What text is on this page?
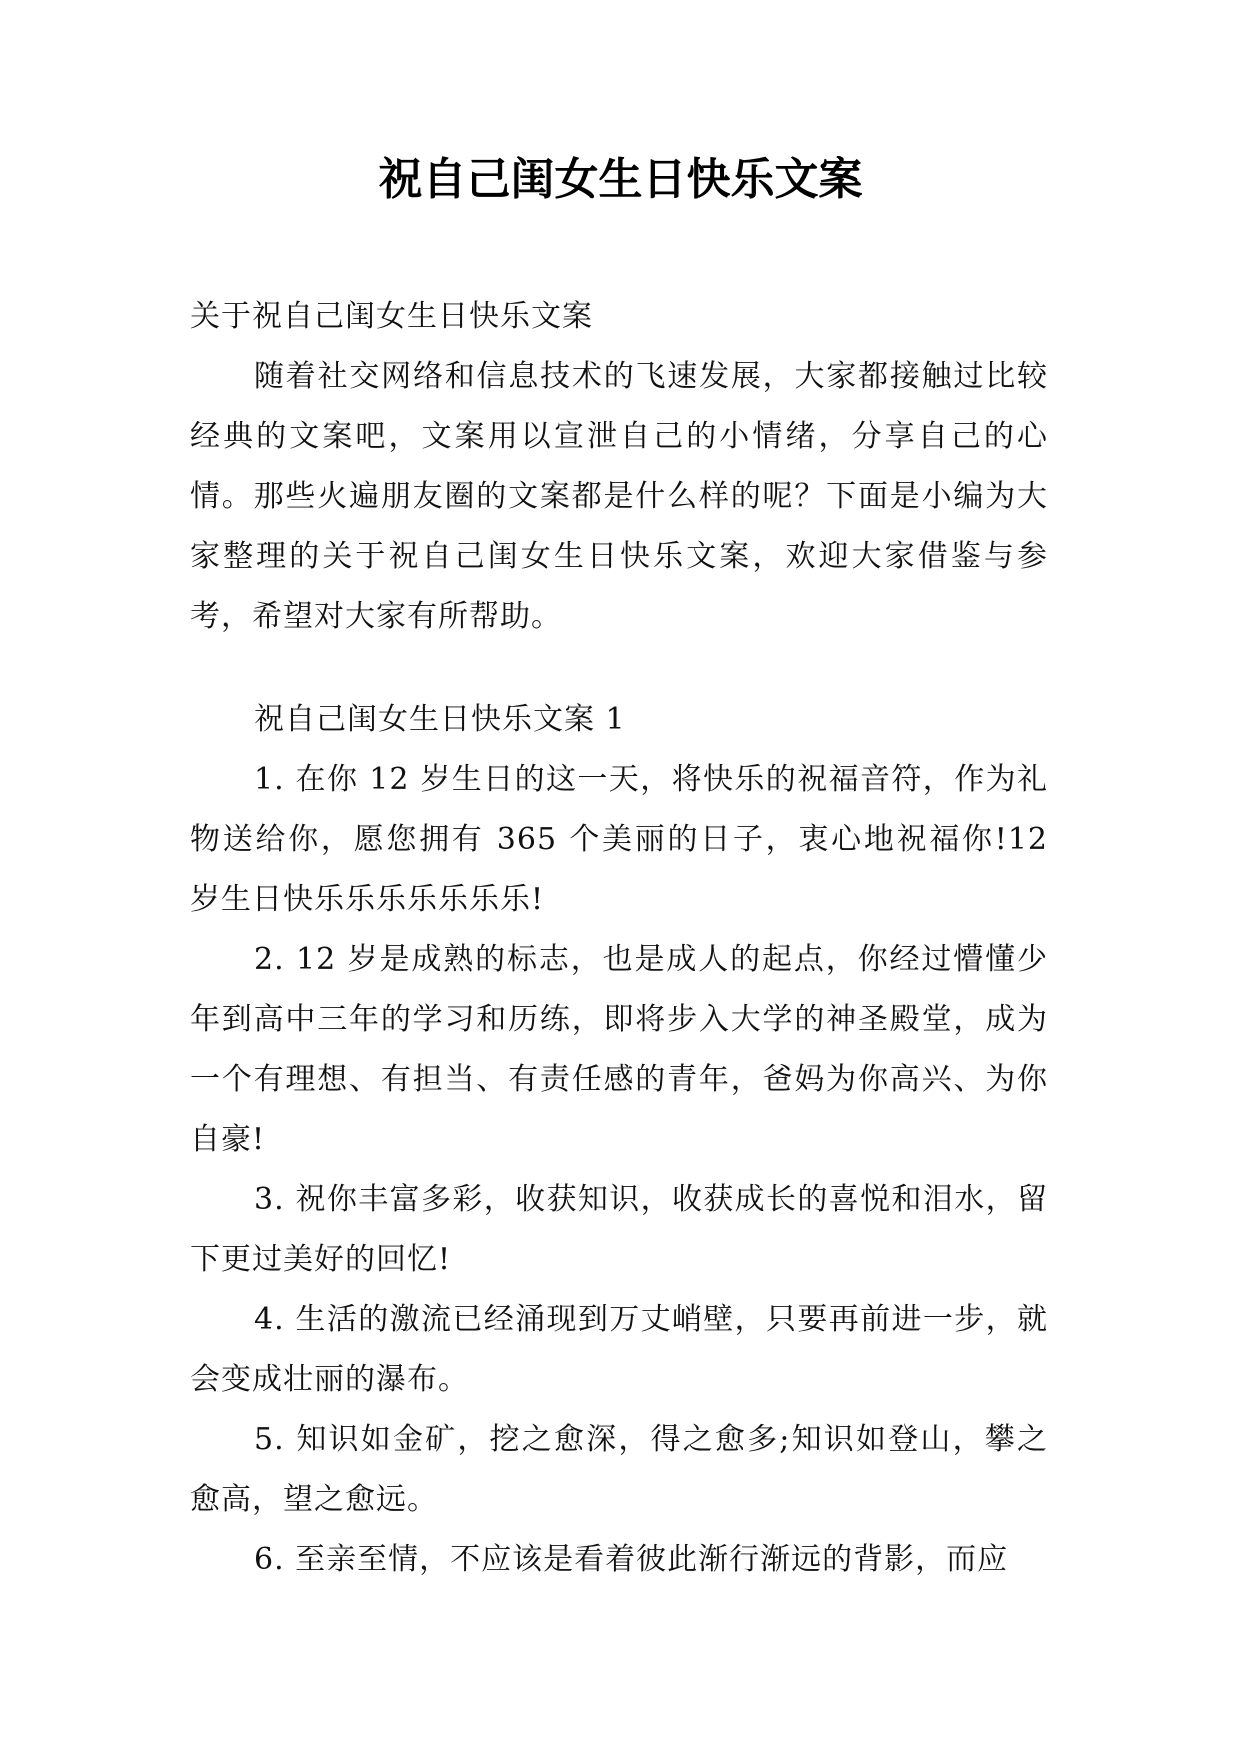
祝自己闺女生日快乐文案

关于祝自己闺女生日快乐文案

随着社交网络和信息技术的飞速发展，大家都接触过比较经典的文案吧，文案用以宣泄自己的小情绪，分享自己的心情。那些火遍朋友圈的文案都是什么样的呢？下面是小编为大家整理的关于祝自己闺女生日快乐文案，欢迎大家借鉴与参考，希望对大家有所帮助。

祝自己闺女生日快乐文案 1

1. 在你 12 岁生日的这一天，将快乐的祝福音符，作为礼物送给你，愿您拥有 365 个美丽的日子，衷心地祝福你!12 岁生日快乐乐乐乐乐乐乐!

2. 12 岁是成熟的标志，也是成人的起点，你经过懵懂少年到高中三年的学习和历练，即将步入大学的神圣殿堂，成为一个有理想、有担当、有责任感的青年，爸妈为你高兴、为你自豪!

3. 祝你丰富多彩，收获知识，收获成长的喜悦和泪水，留下更过美好的回忆!

4. 生活的激流已经涌现到万丈峭壁，只要再前进一步，就会变成壮丽的瀑布。

5. 知识如金矿，挖之愈深，得之愈多;知识如登山，攀之愈高，望之愈远。

6. 至亲至情，不应该是看着彼此渐行渐远的背影，而应
